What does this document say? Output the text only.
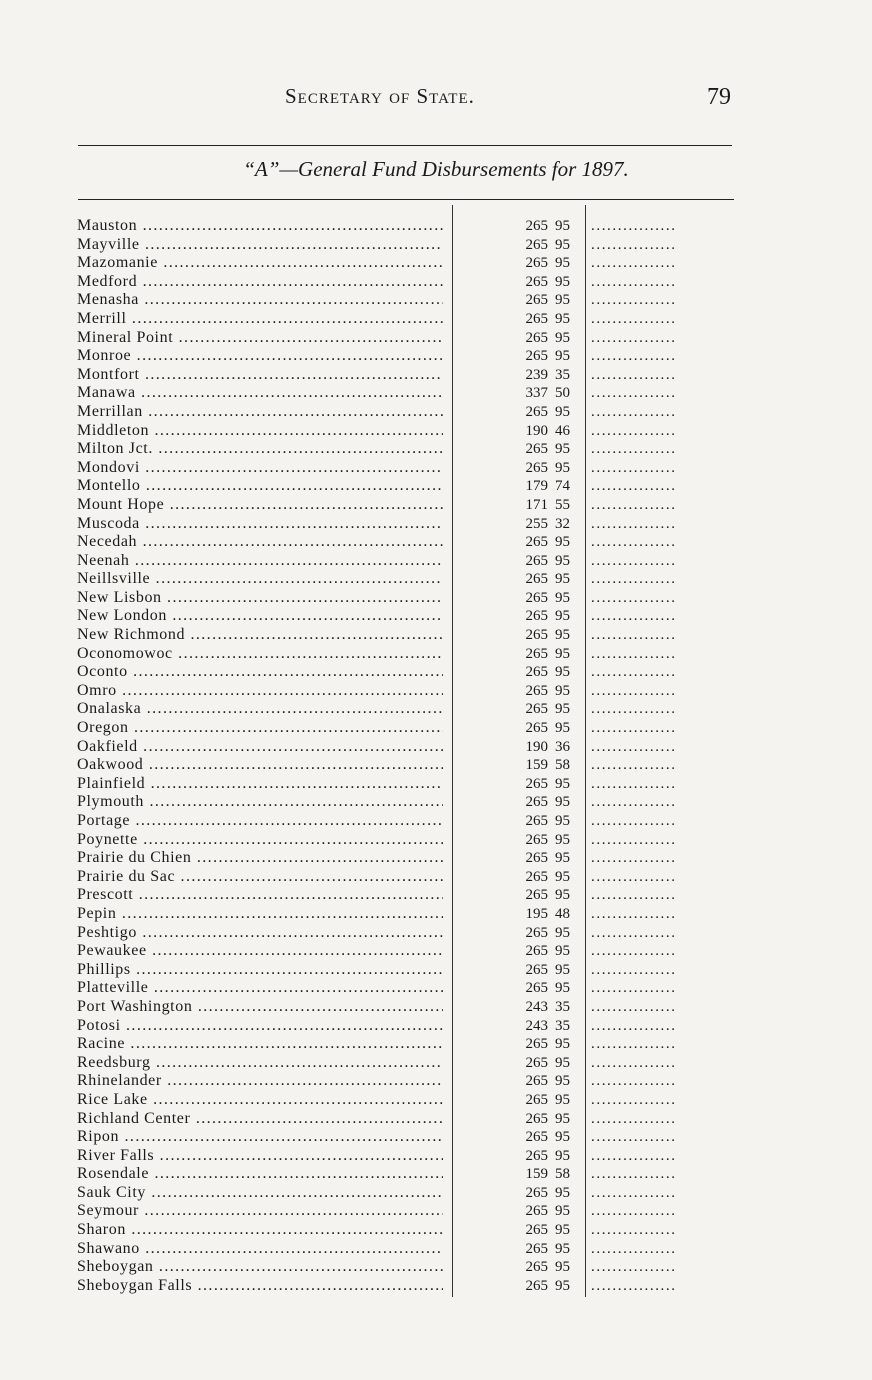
Secretary of State.	79
“A”—General Fund Disbursements for 1897.
Mauston .....	265 95	................
Mayville .....	265 95	................
Mazomanie .....	265 95	................
Medford .....	265 95	................
Menasha .....	265 95	................
Merrill .....	265 95	................
Mineral Point .....	265 95	................
Monroe .....	265 95	................
Montfort .....	239 35	................
Manawa .....	337 50	................
Merrillan .....	265 95	................
Middleton .....	190 46	................
Milton Jct. .....	265 95	................
Mondovi .....	265 95	................
Montello .....	179 74	................
Mount Hope .....	171 55	................
Muscoda .....	255 32	................
Necedah .....	265 95	................
Neenah .....	265 95	................
Neillsville .....	265 95	................
New Lisbon .....	265 95	................
New London .....	265 95	................
New Richmond .....	265 95	................
Oconomowoc .....	265 95	................
Oconto .....	265 95	................
Omro .....	265 95	................
Onalaska .....	265 95	................
Oregon .....	265 95	................
Oakfield .....	190 36	................
Oakwood .....	159 58	................
Plainfield .....	265 95	................
Plymouth .....	265 95	................
Portage .....	265 95	................
Poynette .....	265 95	................
Prairie du Chien .....	265 95	................
Prairie du Sac .....	265 95	................
Prescott .....	265 95	................
Pepin .....	195 48	................
Peshtigo .....	265 95	................
Pewaukee .....	265 95	................
Phillips .....	265 95	................
Platteville .....	265 95	................
Port Washington .....	243 35	................
Potosi .....	243 35	................
Racine .....	265 95	................
Reedsburg .....	265 95	................
Rhinelander .....	265 95	................
Rice Lake .....	265 95	................
Richland Center .....	265 95	................
Ripon .....	265 95	................
River Falls .....	265 95	................
Rosendale .....	159 58	................
Sauk City .....	265 95	................
Seymour .....	265 95	................
Sharon .....	265 95	................
Shawano .....	265 95	................
Sheboygan .....	265 95	................
Sheboygan Falls .....	265 95	................
